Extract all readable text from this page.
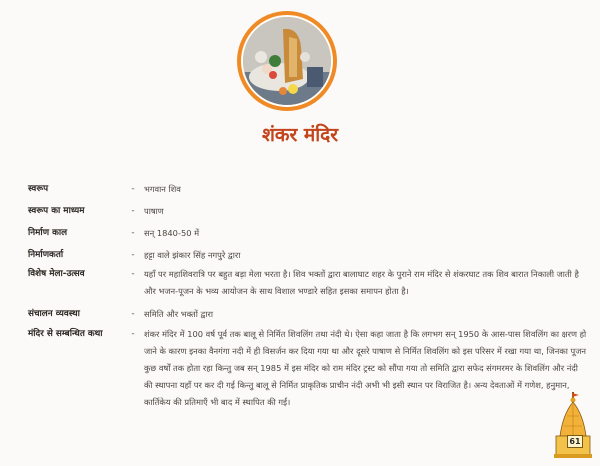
शंकर मंदिर
स्वरूप	-	भगवान शिव
स्वरूप का माध्यम	-	पाषाण
निर्माण काल	-	सन् 1840-50 में
निर्माणकर्ता	-	हट्टा वाले झंकार सिंह नगपुरे द्वारा
विशेष मेला-उत्सव	-	यहाँ पर महाशिवरात्रि पर बहुत बड़ा मेला भरता है। शिव भक्तों द्वारा बालाघाट शहर के पुराने राम मंदिर से शंकरघाट तक शिव बारात निकाली जाती है और भजन-पूजन के भव्य आयोजन के साथ विशाल भण्डारे सहित इसका समापन होता है।
संचालन व्यवस्था	-	समिति और भक्तों द्वारा
मंदिर से सम्बन्धित कथा	-	शंकर मंदिर में 100 वर्ष पूर्व तक बालू से निर्मित शिवलिंग तथा नंदी थे। ऐसा कहा जाता है कि लगभग सन् 1950 के आस-पास शिवलिंग का क्षरण हो जाने के कारण इनका वैनगंगा नदी में ही विसर्जन कर दिया गया था और दूसरे पाषाण से निर्मित शिवलिंग को इस परिसर में रखा गया था, जिनका पूजन कुछ वर्षों तक होता रहा किन्तु जब सन् 1985 में इस मंदिर को राम मंदिर ट्रस्ट को सौंपा गया तो समिति द्वारा सफेद संगमरमर के शिवलिंग और नंदी की स्थापना यहाँ पर कर दी गई किन्तु बालू से निर्मित प्राकृतिक प्राचीन नंदी अभी भी इसी स्थान पर विराजित है। अन्य देवताओं में गणेश, हनुमान, कार्तिकेय की प्रतिमाएँ भी बाद में स्थापित की गईं।
61
